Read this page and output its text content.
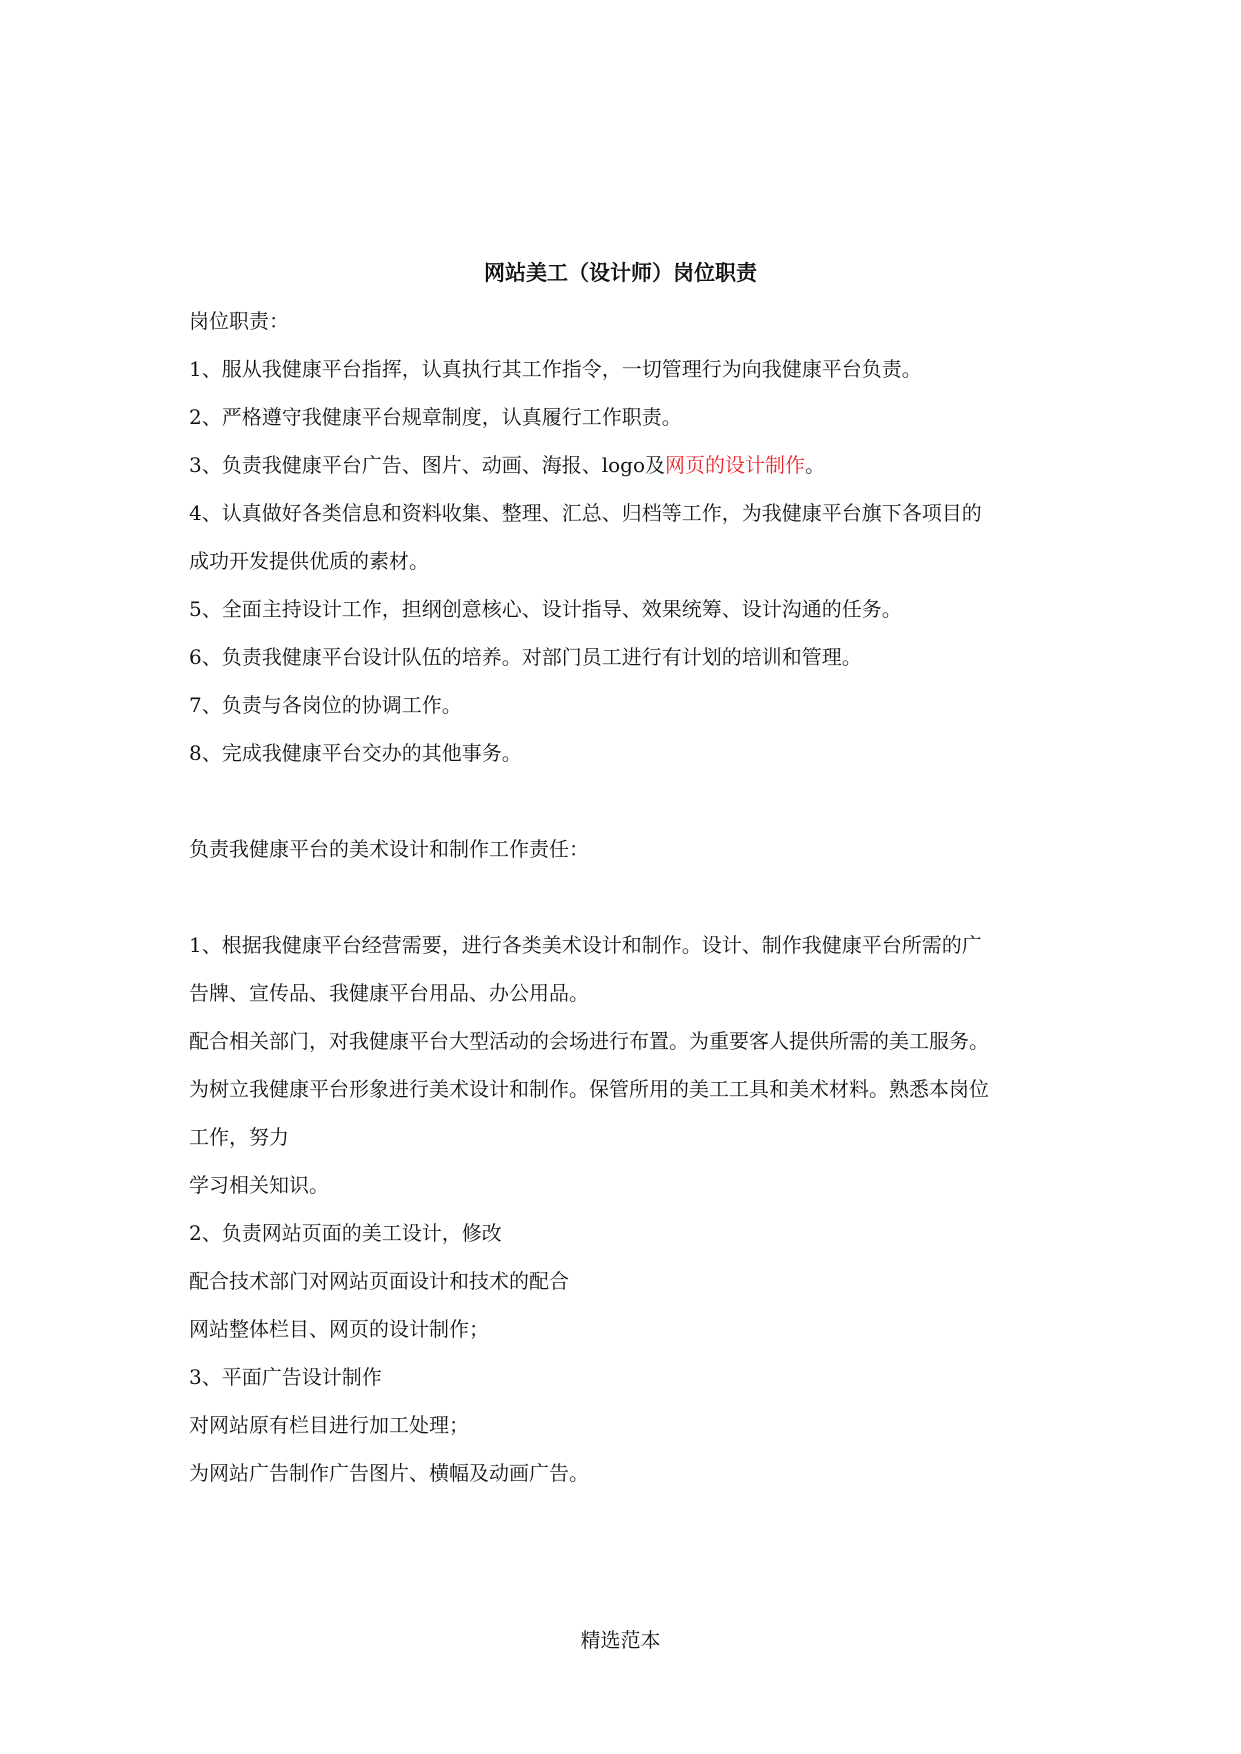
网站美工（设计师）岗位职责
岗位职责：
1、服从我健康平台指挥，认真执行其工作指令，一切管理行为向我健康平台负责。
2、严格遵守我健康平台规章制度，认真履行工作职责。
3、负责我健康平台广告、图片、动画、海报、logo及网页的设计制作。
4、认真做好各类信息和资料收集、整理、汇总、归档等工作，为我健康平台旗下各项目的
成功开发提供优质的素材。
5、全面主持设计工作，担纲创意核心、设计指导、效果统筹、设计沟通的任务。
6、负责我健康平台设计队伍的培养。对部门员工进行有计划的培训和管理。
7、负责与各岗位的协调工作。
8、完成我健康平台交办的其他事务。
负责我健康平台的美术设计和制作工作责任：
1、根据我健康平台经营需要，进行各类美术设计和制作。设计、制作我健康平台所需的广
告牌、宣传品、我健康平台用品、办公用品。
配合相关部门，对我健康平台大型活动的会场进行布置。为重要客人提供所需的美工服务。
为树立我健康平台形象进行美术设计和制作。保管所用的美工工具和美术材料。熟悉本岗位
工作，努力
学习相关知识。
2、负责网站页面的美工设计，修改
配合技术部门对网站页面设计和技术的配合
网站整体栏目、网页的设计制作；
3、平面广告设计制作
对网站原有栏目进行加工处理；
为网站广告制作广告图片、横幅及动画广告。
精选范本
